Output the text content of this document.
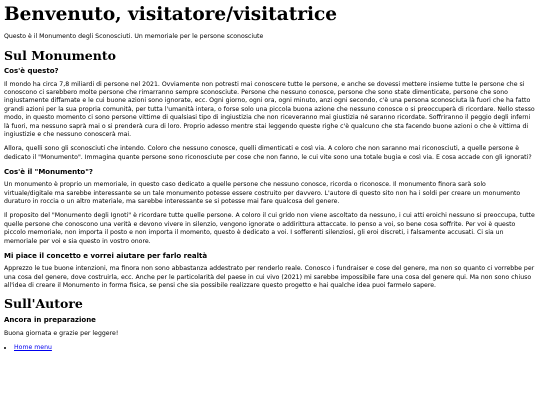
Benvenuto, visitatore/visitatrice

Questo è il Monumento degli Sconosciuti. Un memoriale per le persone sconosciute

Sul Monumento
Cos'è questo?

Il mondo ha circa 7,8 miliardi di persone nel 2021. Ovviamente non potresti mai conoscere tutte le persone, e anche se dovessi mettere insieme tutte le persone che si conoscono ci sarebbero molte persone che rimarranno sempre sconosciute. Persone che nessuno conosce, persone che sono state dimenticate, persone che sono ingiustamente diffamate e le cui buone azioni sono ignorate, ecc. Ogni giorno, ogni ora, ogni minuto, anzi ogni secondo, c'è una persona sconosciuta là fuori che ha fatto grandi azioni per la sua propria comunità, per tutta l'umanità intera, o forse solo una piccola buona azione che nessuno conosce o si preoccuperà di ricordare. Nello stesso modo, in questo momento ci sono persone vittime di qualsiasi tipo di ingiustizia che non riceveranno mai giustizia né saranno ricordate. Soffriranno il peggio degli inferni là fuori, ma nessuno saprà mai o si prenderà cura di loro. Proprio adesso mentre stai leggendo queste righe c'è qualcuno che sta facendo buone azioni o che è vittima di ingiustizie e che nessuno conoscerà mai.

Allora, quelli sono gli sconosciuti che intendo. Coloro che nessuno conosce, quelli dimenticati e così via. A coloro che non saranno mai riconosciuti, a quelle persone è dedicato il "Monumento". Immagina quante persone sono riconosciute per cose che non fanno, le cui vite sono una totale bugia e così via. E cosa accade con gli ignorati?

Cos'è il "Monumento"?

Un monumento è proprio un memoriale, in questo caso dedicato a quelle persone che nessuno conosce, ricorda o riconosce. Il monumento finora sarà solo virtuale/digitale ma sarebbe interessante se un tale monumento potesse essere costruito per davvero. L'autore di questo sito non ha i soldi per creare un monumento duraturo in roccia o un altro materiale, ma sarebbe interessante se si potesse mai fare qualcosa del genere.

Il proposito del "Monumento degli Ignoti" è ricordare tutte quelle persone. A coloro il cui grido non viene ascoltato da nessuno, i cui atti eroichi nessuno si preoccupa, tutte quelle persone che conoscono una verità e devono vivere in silenzio, vengono ignorate o addirittura attaccate. Io penso a voi, so bene cosa soffrite. Per voi è questo piccolo memoriale, non importa il posto e non importa il momento, questo è dedicato a voi. I sofferenti silenziosi, gli eroi discreti, i falsamente accusati. Ci sia un memoriale per voi e sia questo in vostro onore.

Mi piace il concetto e vorrei aiutare per farlo realtà

Apprezzo le tue buone intenzioni, ma finora non sono abbastanza addestrato per renderlo reale. Conosco i fundraiser e cose del genere, ma non so quanto ci vorrebbe per una cosa del genere, dove costruirla, ecc. Anche per le particolarità del paese in cui vivo (2021) mi sarebbe impossibile fare una cosa del genere qui. Ma non sono chiuso all'idea di creare il Monumento in forma fisica, se pensi che sia possibile realizzare questo progetto e hai qualche idea puoi farmelo sapere.

Sull'Autore
Ancora in preparazione

Buona giornata e grazie per leggere!

• Home menu
